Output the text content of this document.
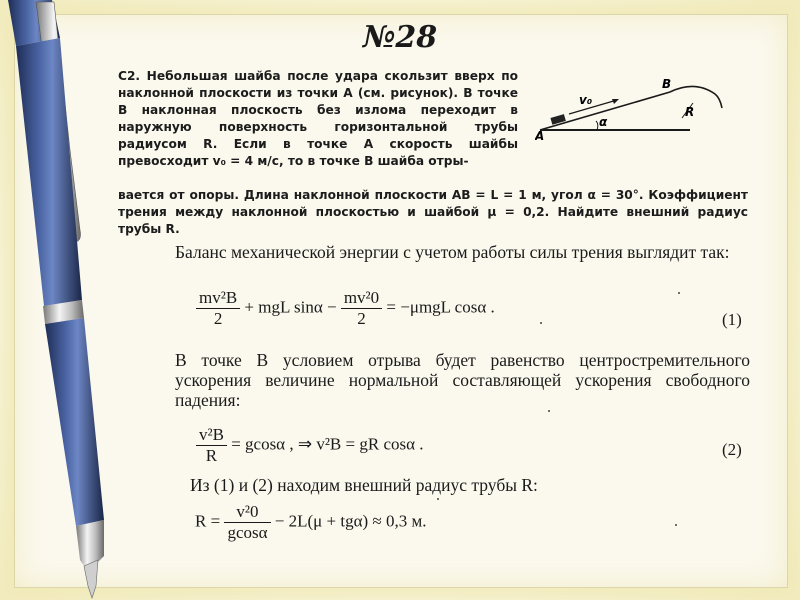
№28
С2. Небольшая шайба после удара скользит вверх по наклонной плоскости из точки A (см. рисунок). В точке B наклонная плоскость без излома переходит в наружную поверхность горизонтальной трубы радиусом R. Если в точке A скорость шайбы превосходит v₀ = 4 м/с, то в точке B шайба отры-
A
B
R
α
v₀
вается от опоры. Длина наклонной плоскости AB = L = 1 м, угол α = 30°. Коэффициент трения между наклонной плоскостью и шайбой μ = 0,2. Найдите внешний радиус трубы R.
Баланс механической энергии с учетом работы силы трения выглядит так:
$\frac{\text{mv²B}}{2}$ + mgL $\sin\alpha - \frac{\text{mv²0}}{2} = -\mu mgL$ cosα .
(1)
В точке B условием отрыва будет равенство центростремительного ускорения величине нормальной составляющей ускорения свободного падения:
$\frac{\text{v²B}}{R} = gcos\alpha$ , ⇒ v²B = gR cosα .	(2)
Из (1) и (2) находим внешний радиус трубы R:
$R = \frac{\text{v²0}}{gcos\alpha} - 2L(\mu + tg\alpha) \approx 0,3$ м.
